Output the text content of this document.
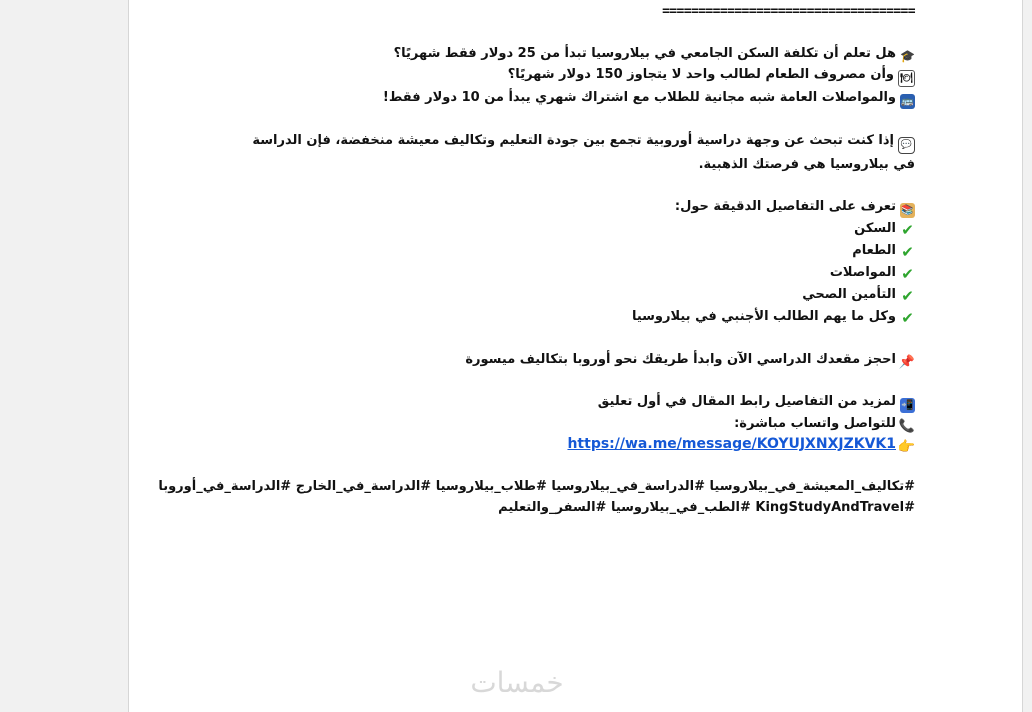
===================================
🎓هل تعلم أن تكلفة السكن الجامعي في بيلاروسيا تبدأ من 25 دولار فقط شهريًا؟
🍽وأن مصروف الطعام لطالب واحد لا يتجاوز 150 دولار شهريًا؟
🚌والمواصلات العامة شبه مجانية للطلاب مع اشتراك شهري يبدأ من 10 دولار فقط!
💬إذا كنت تبحث عن وجهة دراسية أوروبية تجمع بين جودة التعليم وتكاليف معيشة منخفضة، فإن الدراسة في بيلاروسيا هي فرصتك الذهبية.
📚تعرف على التفاصيل الدقيقة حول:
✔السكن
✔الطعام
✔المواصلات
✔التأمين الصحي
✔وكل ما يهم الطالب الأجنبي في بيلاروسيا
📌احجز مقعدك الدراسي الآن وابدأ طريقك نحو أوروبا بتكاليف ميسورة
📲لمزيد من التفاصيل رابط المقال في أول تعليق
📞للتواصل واتساب مباشرة:
👉https://wa.me/message/KOYUJXNXJZKVK1
#تكاليف_المعيشة_في_بيلاروسيا #الدراسة_في_بيلاروسيا #طلاب_بيلاروسيا #الدراسة_في_الخارج #الدراسة_في_أوروبا
#KingStudyAndTravel #الطب_في_بيلاروسيا #السفر_والتعليم
خمسات
